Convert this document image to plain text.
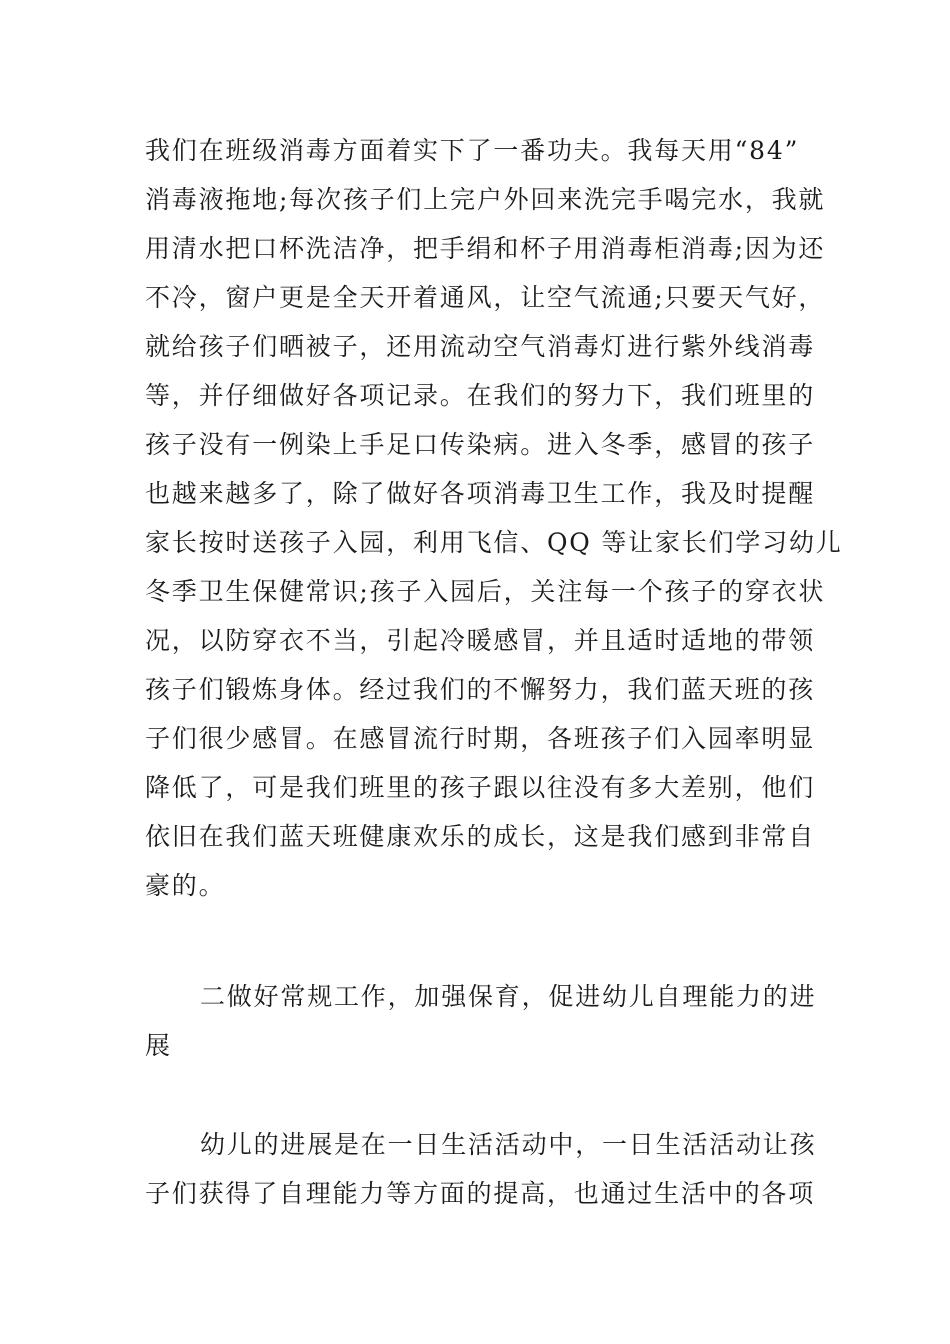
我们在班级消毒方面着实下了一番功夫。我每天用“84”
消毒液拖地;每次孩子们上完户外回来洗完手喝完水，我就
用清水把口杯洗洁净，把手绢和杯子用消毒柜消毒;因为还
不冷，窗户更是全天开着通风，让空气流通;只要天气好，
就给孩子们晒被子，还用流动空气消毒灯进行紫外线消毒
等，并仔细做好各项记录。在我们的努力下，我们班里的
孩子没有一例染上手足口传染病。进入冬季，感冒的孩子
也越来越多了，除了做好各项消毒卫生工作，我及时提醒
家长按时送孩子入园，利用飞信、QQ 等让家长们学习幼儿
冬季卫生保健常识;孩子入园后，关注每一个孩子的穿衣状
况，以防穿衣不当，引起冷暖感冒，并且适时适地的带领
孩子们锻炼身体。经过我们的不懈努力，我们蓝天班的孩
子们很少感冒。在感冒流行时期，各班孩子们入园率明显
降低了，可是我们班里的孩子跟以往没有多大差别，他们
依旧在我们蓝天班健康欢乐的成长，这是我们感到非常自
豪的。
二做好常规工作，加强保育，促进幼儿自理能力的进
展
幼儿的进展是在一日生活活动中，一日生活活动让孩
子们获得了自理能力等方面的提高，也通过生活中的各项
